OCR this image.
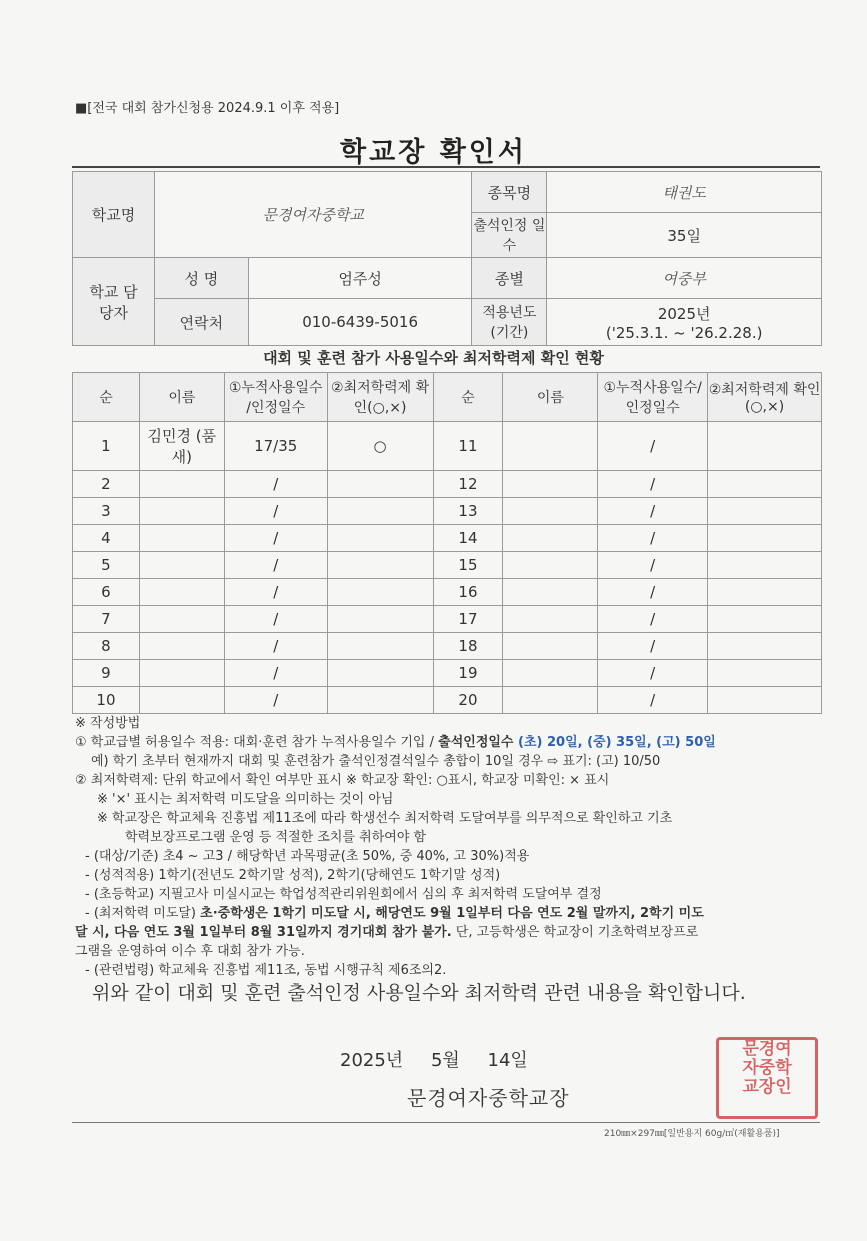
■[전국 대회 참가신청용 2024.9.1 이후 적용]
학교장 확인서
학교명	문경여자중학교		종목명	태권도
			출석인정 일수	35일
학교 담당자	성 명	엄주성	종별	여중부
	연락처	010-6439-5016	적용년도 (기간)	2025년
('25.3.1. ~ '26.2.28.)
대회 및 훈련 참가 사용일수와 최저학력제 확인 현황
순	이름	①누적사용일수 /인정일수	②최저학력제 확인(○,×)	순	이름	①누적사용일수/ 인정일수	②최저학력제 확인(○,×)
1	김민경 (품새)	17/35	○	11		/	
2		/		12		/	
3		/		13		/	
4		/		14		/	
5		/		15		/	
6		/		16		/	
7		/		17		/	
8		/		18		/	
9		/		19		/	
10		/		20		/	
※ 작성방법
① 학교급별 허용일수 적용: 대회·훈련 참가 누적사용일수 기입 / 출석인정일수 (초) 20일, (중) 35일, (고) 50일
예) 학기 초부터 현재까지 대회 및 훈련참가 출석인정결석일수 총합이 10일 경우 ⇨ 표기: (고) 10/50
② 최저학력제: 단위 학교에서 확인 여부만 표시 ※ 학교장 확인: ○표시, 학교장 미확인: × 표시
※ '×' 표시는 최저학력 미도달을 의미하는 것이 아님
※ 학교장은 학교체육 진흥법 제11조에 따라 학생선수 최저학력 도달여부를 의무적으로 확인하고 기초
학력보장프로그램 운영 등 적절한 조치를 취하여야 함
- (대상/기준) 초4 ~ 고3 / 해당학년 과목평균(초 50%, 중 40%, 고 30%)적용
- (성적적용) 1학기(전년도 2학기말 성적), 2학기(당해연도 1학기말 성적)
- (초등학교) 지필고사 미실시교는 학업성적관리위원회에서 심의 후 최저학력 도달여부 결정
- (최저학력 미도달) 초·중학생은 1학기 미도달 시, 해당연도 9월 1일부터 다음 연도 2월 말까지, 2학기 미도
달 시, 다음 연도 3월 1일부터 8월 31일까지 경기대회 참가 불가. 단, 고등학생은 학교장이 기초학력보장프로
그램을 운영하여 이수 후 대회 참가 가능.
- (관련법령) 학교체육 진흥법 제11조, 동법 시행규칙 제6조의2.
위와 같이 대회 및 훈련 출석인정 사용일수와 최저학력 관련 내용을 확인합니다.
2025년 5월 14일
문경여자중학교장
문경여
자중학
교장인
210㎜×297㎜[일반용지 60g/㎡(재활용품)]
